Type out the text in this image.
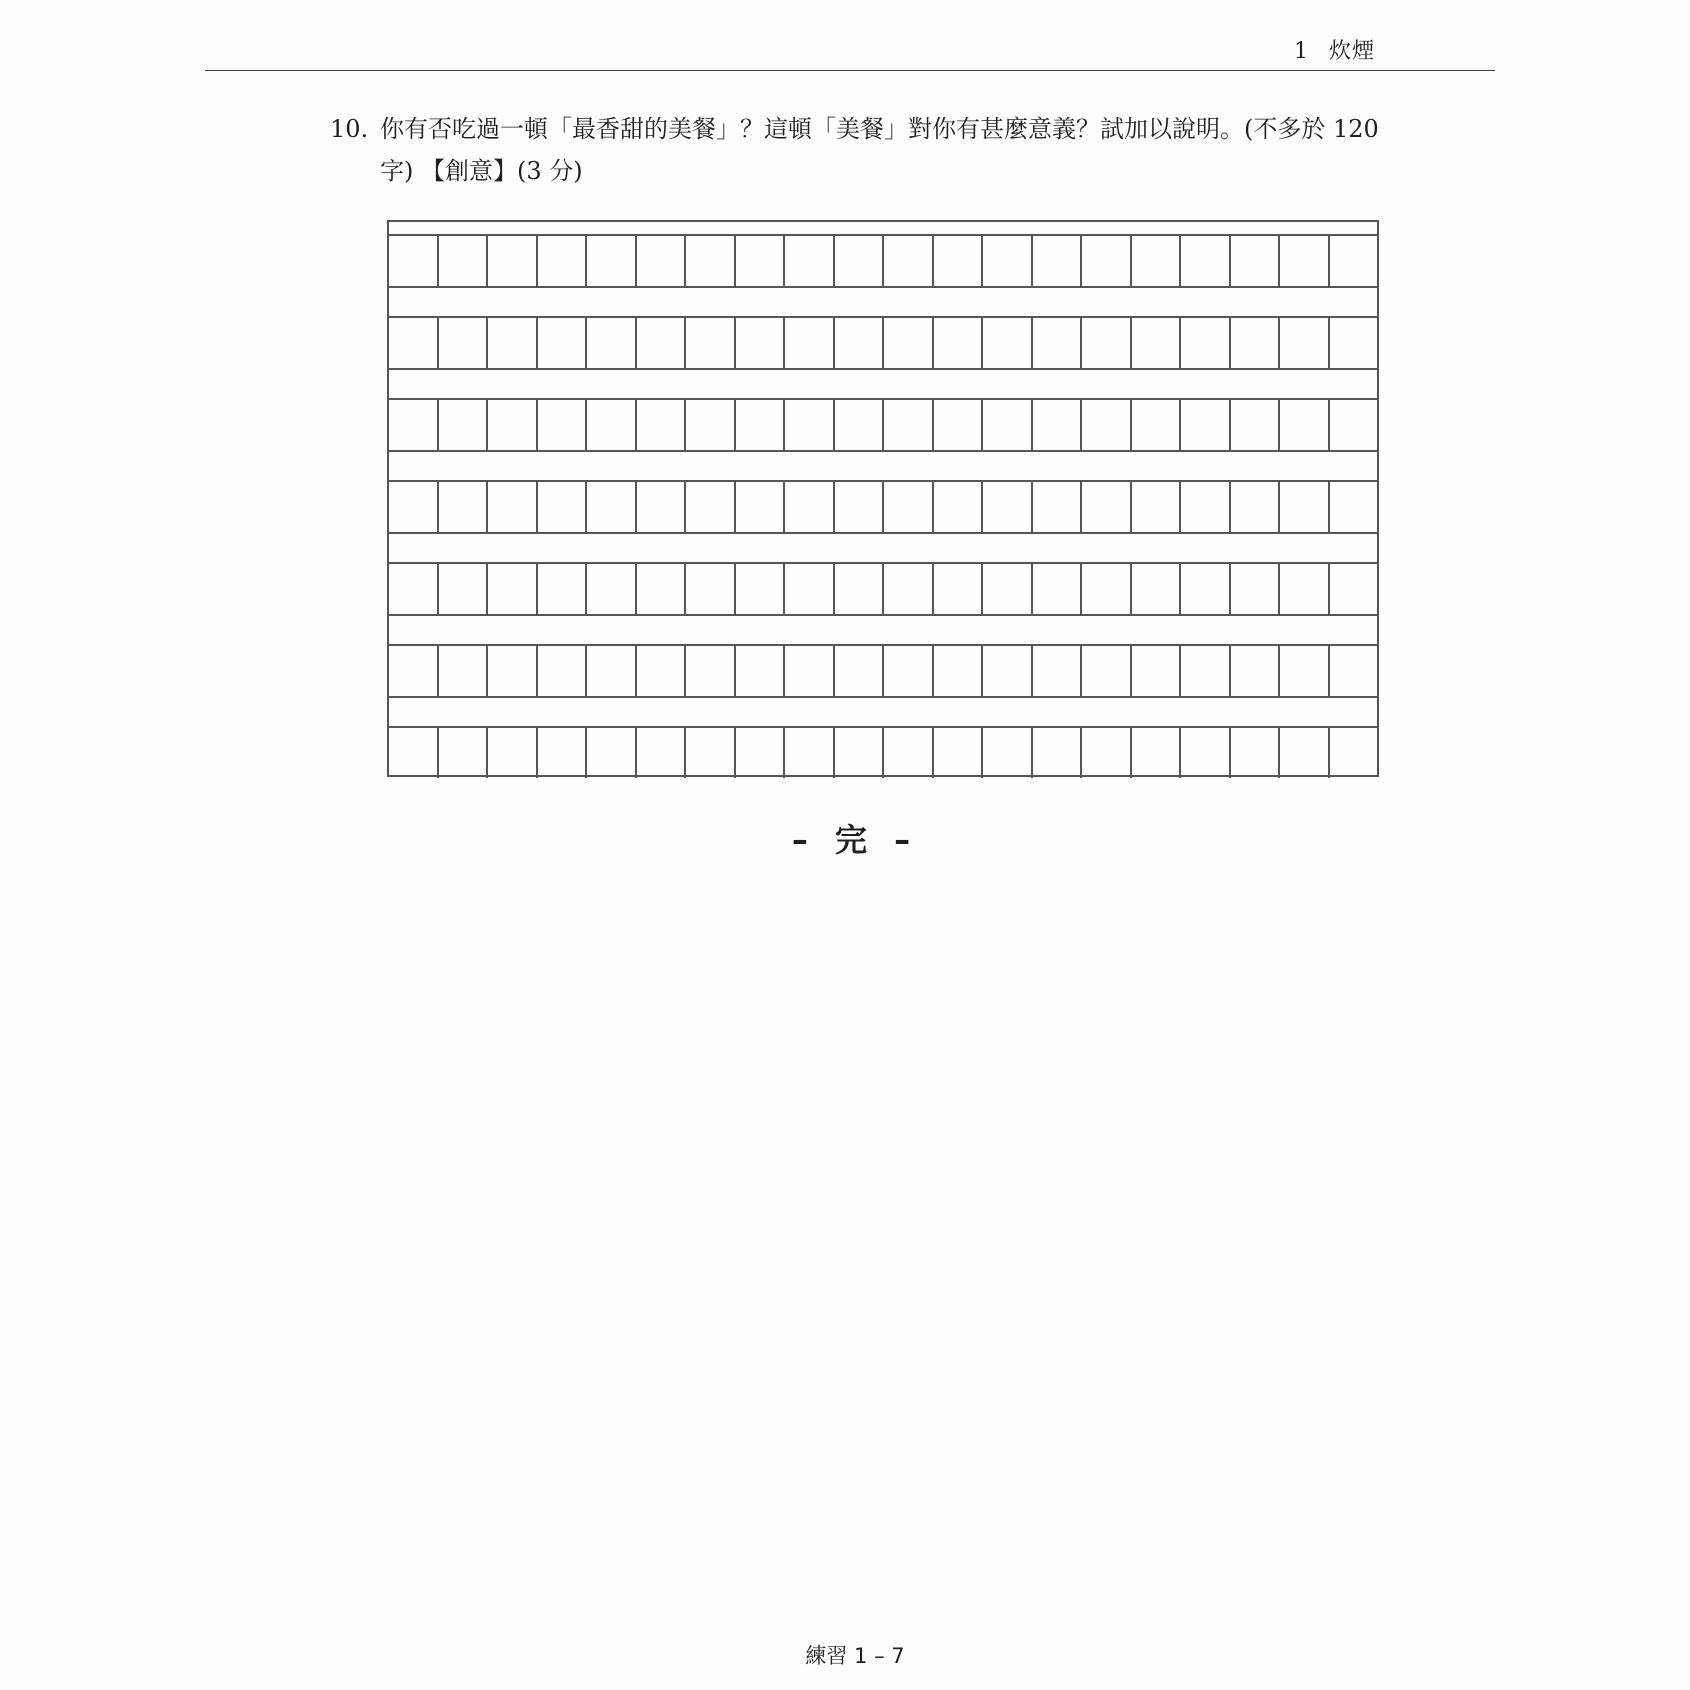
1 炊煙
10. 你有否吃過一頓「最香甜的美餐」？這頓「美餐」對你有甚麼意義？試加以說明。(不多於 120 字) 【創意】(3 分)
– 完 –
練習 1 – 7
